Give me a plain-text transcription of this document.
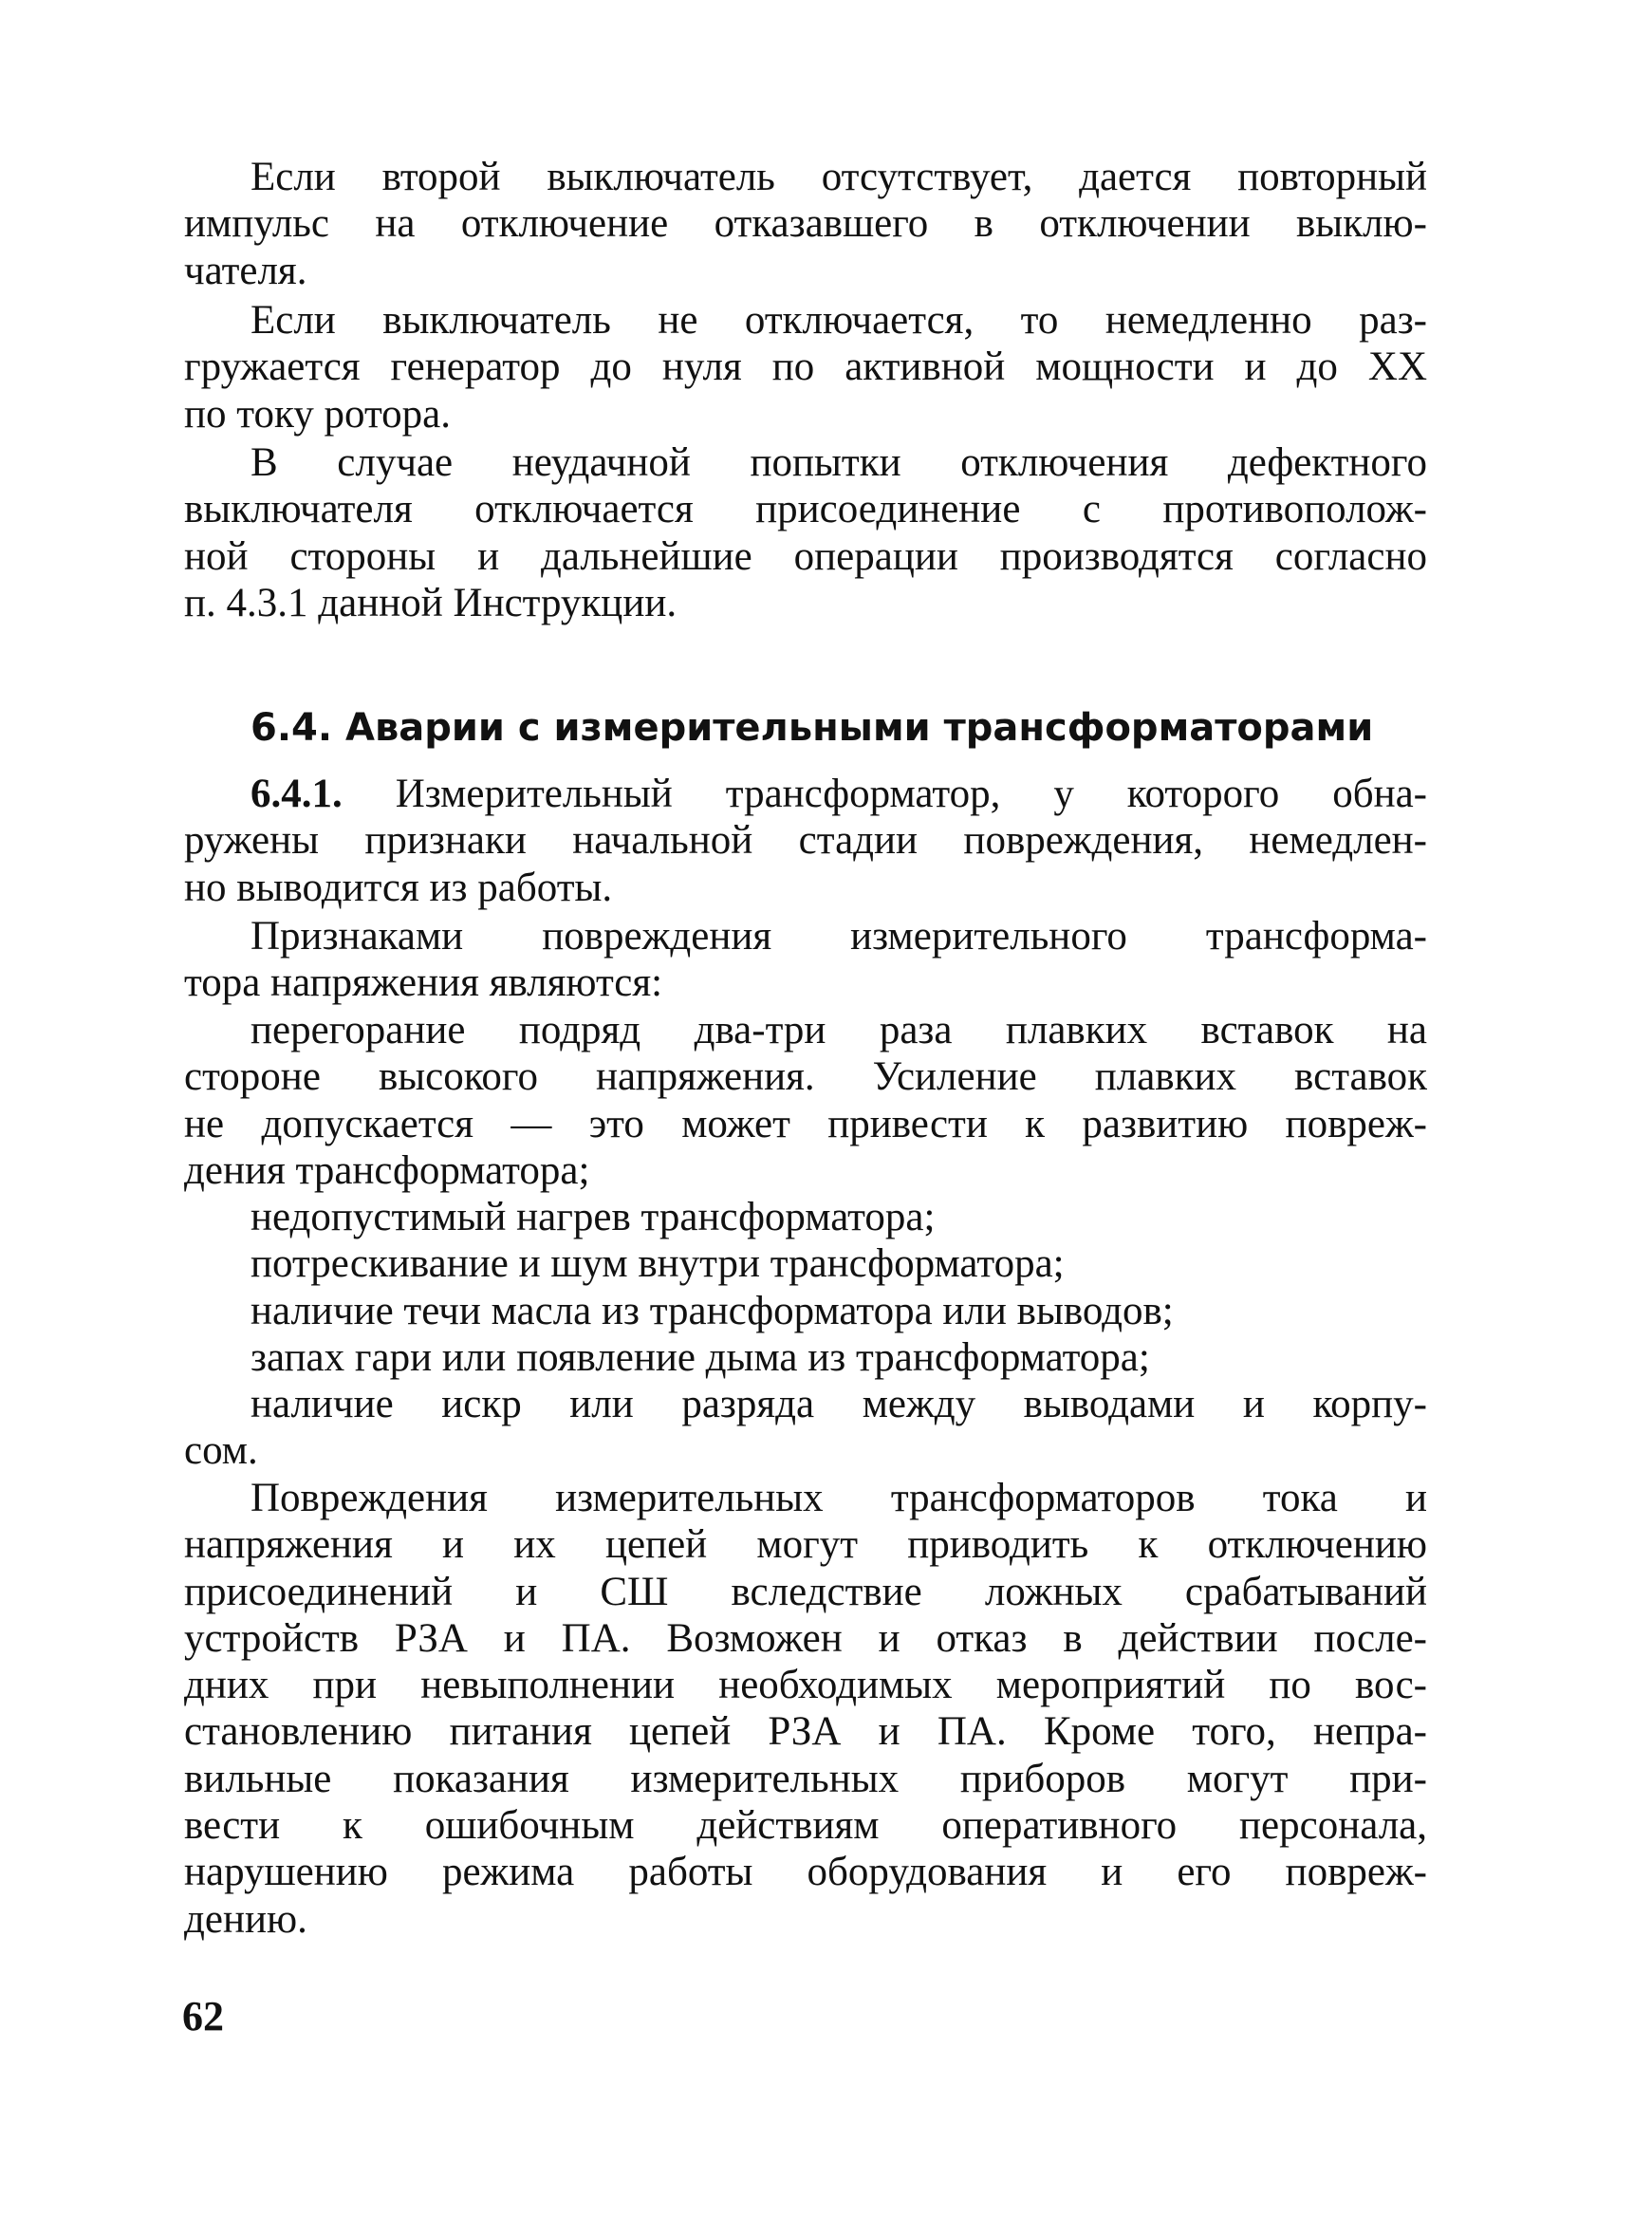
Если второй выключатель отсутствует, дается повторный
импульс на отключение отказавшего в отключении выклю-
чателя.
Если выключатель не отключается, то немедленно раз-
гружается генератор до нуля по активной мощности и до XX
по току ротора.
В случае неудачной попытки отключения дефектного
выключателя отключается присоединение с противополож-
ной стороны и дальнейшие операции производятся согласно
п. 4.3.1 данной Инструкции.
6.4. Аварии с измерительными трансформаторами
6.4.1. Измерительный трансформатор, у которого обна-
ружены признаки начальной стадии повреждения, немедлен-
но выводится из работы.
Признаками повреждения измерительного трансформа-
тора напряжения являются:
перегорание подряд два-три раза плавких вставок на
стороне высокого напряжения. Усиление плавких вставок
не допускается — это может привести к развитию повреж-
дения трансформатора;
недопустимый нагрев трансформатора;
потрескивание и шум внутри трансформатора;
наличие течи масла из трансформатора или выводов;
запах гари или появление дыма из трансформатора;
наличие искр или разряда между выводами и корпу-
сом.
Повреждения измерительных трансформаторов тока и
напряжения и их цепей могут приводить к отключению
присоединений и СШ вследствие ложных срабатываний
устройств РЗА и ПА. Возможен и отказ в действии после-
дних при невыполнении необходимых мероприятий по вос-
становлению питания цепей РЗА и ПА. Кроме того, непра-
вильные показания измерительных приборов могут при-
вести к ошибочным действиям оперативного персонала,
нарушению режима работы оборудования и его повреж-
дению.
62
